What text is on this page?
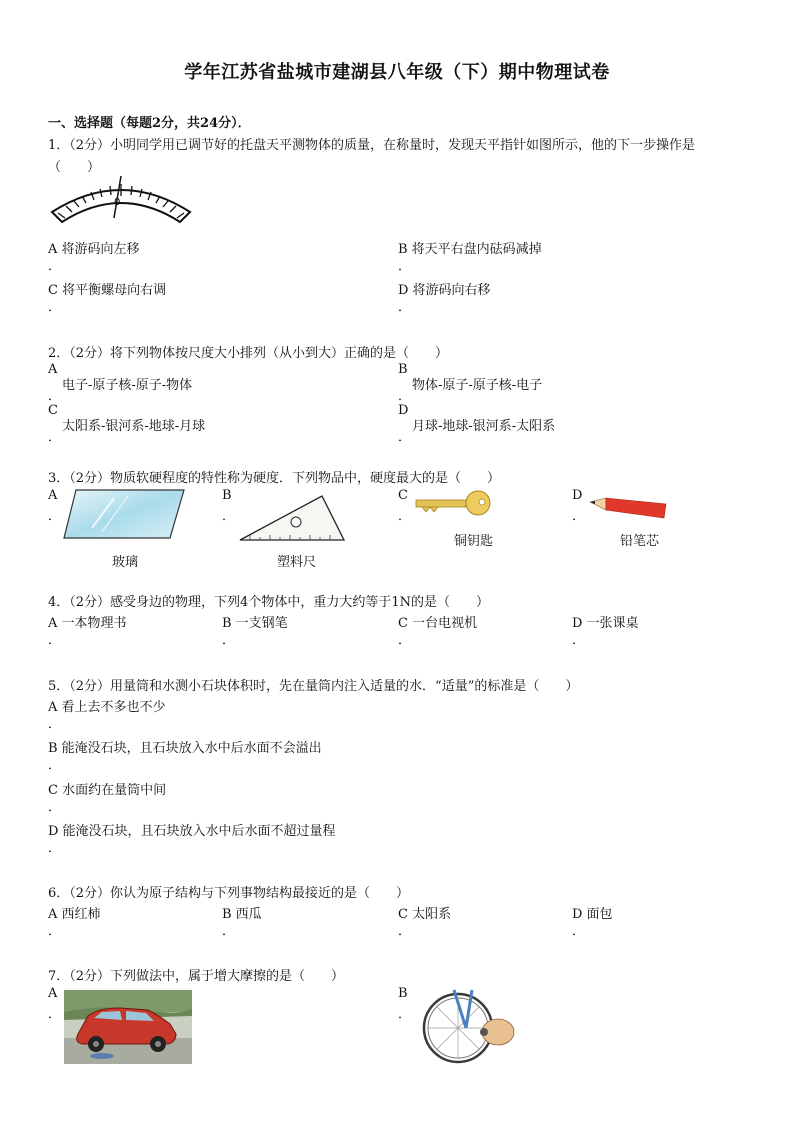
学年江苏省盐城市建湖县八年级（下）期中物理试卷
一、选择题（每题2分，共24分）．
1．（2分）小明同学用已调节好的托盘天平测物体的质量，在称量时，发现天平指针如图所示，他的下一步操作是
（　　）
0
A 将游码向左移
．
B 将天平右盘内砝码减掉
．
C 将平衡螺母向右调
．
D 将游码向右移
．
2．（2分）将下列物体按尺度大小排列（从小到大）正确的是（　　）
A
电子-原子核-原子-物体
．
B
物体-原子-原子核-电子
．
C
太阳系-银河系-地球-月球
．
D
月球-地球-银河系-太阳系
．
3．（2分）物质软硬程度的特性称为硬度．下列物品中，硬度最大的是（　　）
A
．
玻璃
B
．
塑料尺
C
．
铜钥匙
D
．
铅笔芯
4．（2分）感受身边的物理，下列4个物体中，重力大约等于1N的是（　　）
A 一本物理书
．
B 一支钢笔
．
C 一台电视机
．
D 一张课桌
．
5．（2分）用量筒和水测小石块体积时，先在量筒内注入适量的水．“适量”的标准是（　　）
A 看上去不多也不少
．
B 能淹没石块，且石块放入水中后水面不会溢出
．
C 水面约在量筒中间
．
D 能淹没石块，且石块放入水中后水面不超过量程
．
6．（2分）你认为原子结构与下列事物结构最接近的是（　　）
A 西红柿
．
B 西瓜
．
C 太阳系
．
D 面包
．
7．（2分）下列做法中，属于增大摩擦的是（　　）
A
．
B
．
